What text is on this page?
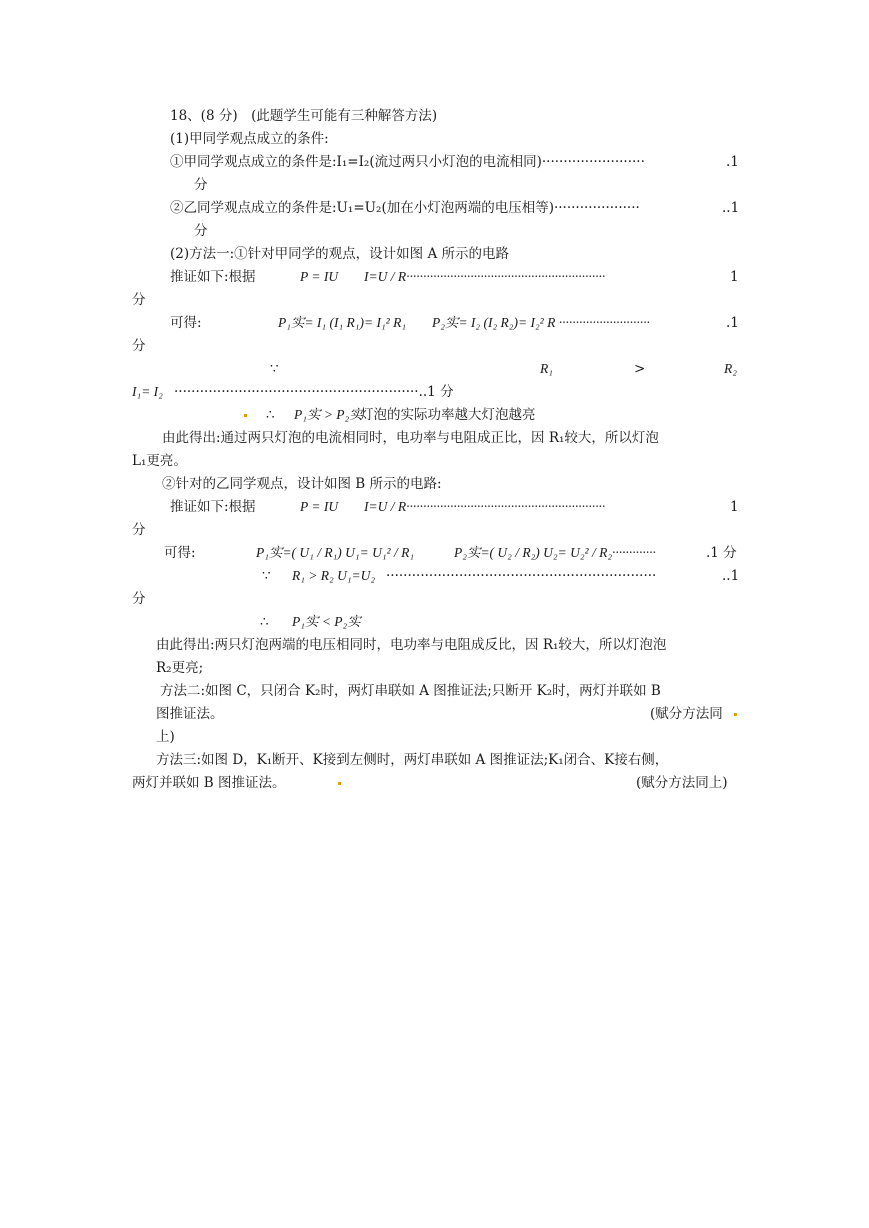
18、(8 分)　(此题学生可能有三种解答方法)
(1)甲同学观点成立的条件:
①甲同学观点成立的条件是:I₁=I₂(流过两只小灯泡的电流相同)························	.1
分
②乙同学观点成立的条件是:U₁=U₂(加在小灯泡两端的电压相等)····················	..1
分
(2)方法一:①针对甲同学的观点，设计如图 A 所示的电路
推证如下:根据	P = IU I=U / R···························································	1
分
可得:	P₁实= I₁ (I₁ R₁)= I₁² R₁ P₂实= I₂ (I₂ R₂)= I₂² R ···························	.1
分
∵	R₁	>	R₂
I₁= I₂ ·························································..1 分
∴ P₁实 > P₂实
灯泡的实际功率越大灯泡越亮
由此得出:通过两只灯泡的电流相同时，电功率与电阻成正比，因 R₁较大，所以灯泡
L₁更亮。
②针对的乙同学观点，设计如图 B 所示的电路:
推证如下:根据	P = IU I=U / R···························································	1
分
可得:	P₁实=( U₁ / R₁) U₁= U₁² / R₁	P₂实=( U₂ / R₂) U₂= U₂² / R₂·············	.1 分
∵ R₁ > R₂ U₁=U₂ ·······························································	..1
分
∴ P₁实 < P₂实
由此得出:两只灯泡两端的电压相同时，电功率与电阻成反比，因 R₁较大，所以灯泡泡
R₂更亮;
方法二:如图 C，只闭合 K₂时，两灯串联如 A 图推证法;只断开 K₂时，两灯并联如 B
图推证法。	(赋分方法同
上)
方法三:如图 D，K₁断开、K接到左侧时，两灯串联如 A 图推证法;K₁闭合、K接右侧，
两灯并联如 B 图推证法。	(赋分方法同上)
